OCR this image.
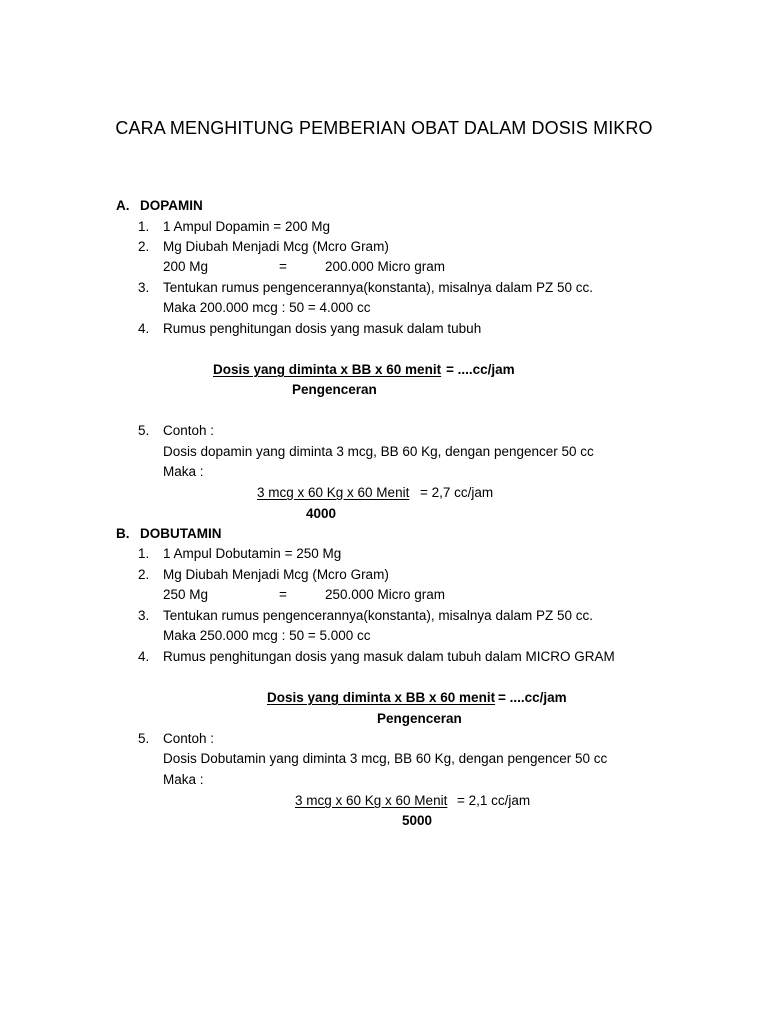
CARA MENGHITUNG PEMBERIAN OBAT DALAM DOSIS MIKRO
A. DOPAMIN
1. 1 Ampul Dopamin = 200 Mg
2. Mg Diubah Menjadi Mcg (Mcro Gram)
200 Mg	=	200.000 Micro gram
3. Tentukan rumus pengencerannya(konstanta), misalnya dalam PZ 50 cc.
Maka 200.000 mcg : 50 = 4.000 cc
4. Rumus penghitungan dosis yang masuk dalam tubuh
Dosis yang diminta x BB x 60 menit = ....cc/jam
Pengenceran
5. Contoh :
Dosis dopamin yang diminta 3 mcg, BB 60 Kg, dengan pengencer 50 cc
Maka :
3 mcg x 60 Kg x 60 Menit = 2,7 cc/jam
4000
B. DOBUTAMIN
1. 1 Ampul Dobutamin = 250 Mg
2. Mg Diubah Menjadi Mcg (Mcro Gram)
250 Mg	=	250.000 Micro gram
3. Tentukan rumus pengencerannya(konstanta), misalnya dalam PZ 50 cc.
Maka 250.000 mcg : 50 = 5.000 cc
4. Rumus penghitungan dosis yang masuk dalam tubuh dalam MICRO GRAM
Dosis yang diminta x BB x 60 menit = ....cc/jam
Pengenceran
5. Contoh :
Dosis Dobutamin yang diminta 3 mcg, BB 60 Kg, dengan pengencer 50 cc
Maka :
3 mcg x 60 Kg x 60 Menit = 2,1 cc/jam
5000
